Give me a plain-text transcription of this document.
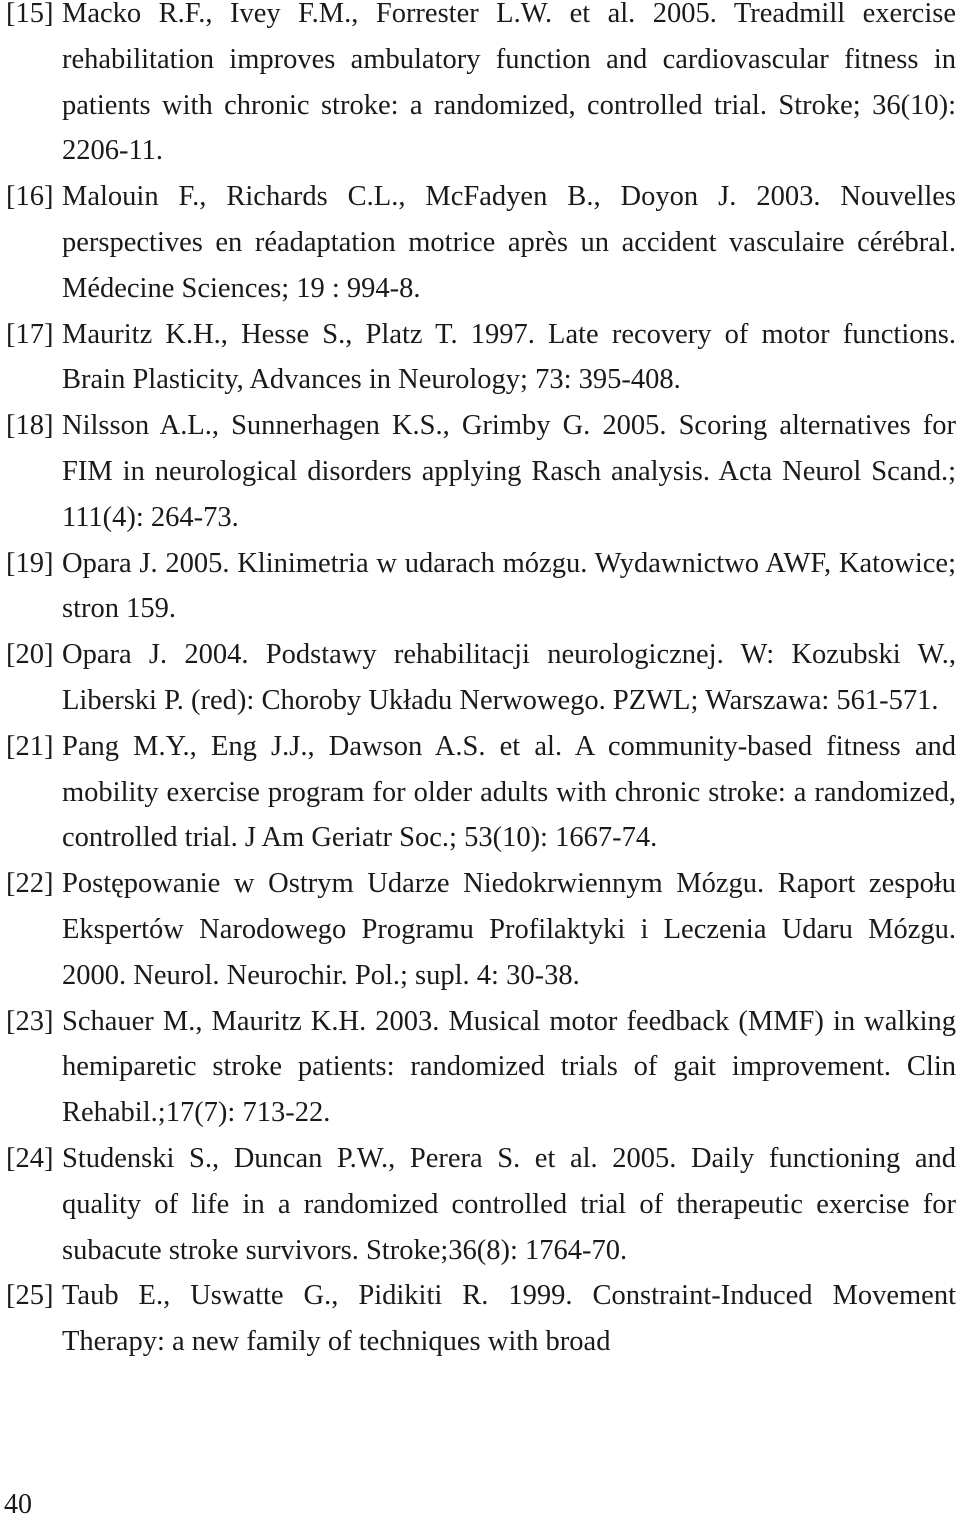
[15] Macko R.F., Ivey F.M., Forrester L.W. et al. 2005. Treadmill exercise rehabilitation improves ambulatory function and cardiovascular fitness in patients with chronic stroke: a randomized, controlled trial. Stroke; 36(10): 2206-11.
[16] Malouin F., Richards C.L., McFadyen B., Doyon J. 2003. Nouvelles perspectives en réadaptation motrice après un accident vasculaire cérébral. Médecine Sciences; 19 : 994-8.
[17] Mauritz K.H., Hesse S., Platz T. 1997. Late recovery of motor functions. Brain Plasticity, Advances in Neurology; 73: 395-408.
[18] Nilsson A.L., Sunnerhagen K.S., Grimby G. 2005. Scoring alternatives for FIM in neurological disorders applying Rasch analysis. Acta Neurol Scand.; 111(4): 264-73.
[19] Opara J. 2005. Klinimetria w udarach mózgu. Wydawnictwo AWF, Katowice; stron 159.
[20] Opara J. 2004. Podstawy rehabilitacji neurologicznej. W: Kozubski W., Liberski P. (red): Choroby Układu Nerwowego. PZWL; Warszawa: 561-571.
[21] Pang M.Y., Eng J.J., Dawson A.S. et al. A community-based fitness and mobility exercise program for older adults with chronic stroke: a randomized, controlled trial. J Am Geriatr Soc.; 53(10): 1667-74.
[22] Postępowanie w Ostrym Udarze Niedokrwiennym Mózgu. Raport zespołu Ekspertów Narodowego Programu Profilaktyki i Leczenia Udaru Mózgu. 2000. Neurol. Neurochir. Pol.; supl. 4: 30-38.
[23] Schauer M., Mauritz K.H. 2003. Musical motor feedback (MMF) in walking hemiparetic stroke patients: randomized trials of gait improvement. Clin Rehabil.;17(7): 713-22.
[24] Studenski S., Duncan P.W., Perera S. et al. 2005. Daily functioning and quality of life in a randomized controlled trial of therapeutic exercise for subacute stroke survivors. Stroke;36(8): 1764-70.
[25] Taub E., Uswatte G., Pidikiti R. 1999. Constraint-Induced Movement Therapy: a new family of techniques with broad
40
